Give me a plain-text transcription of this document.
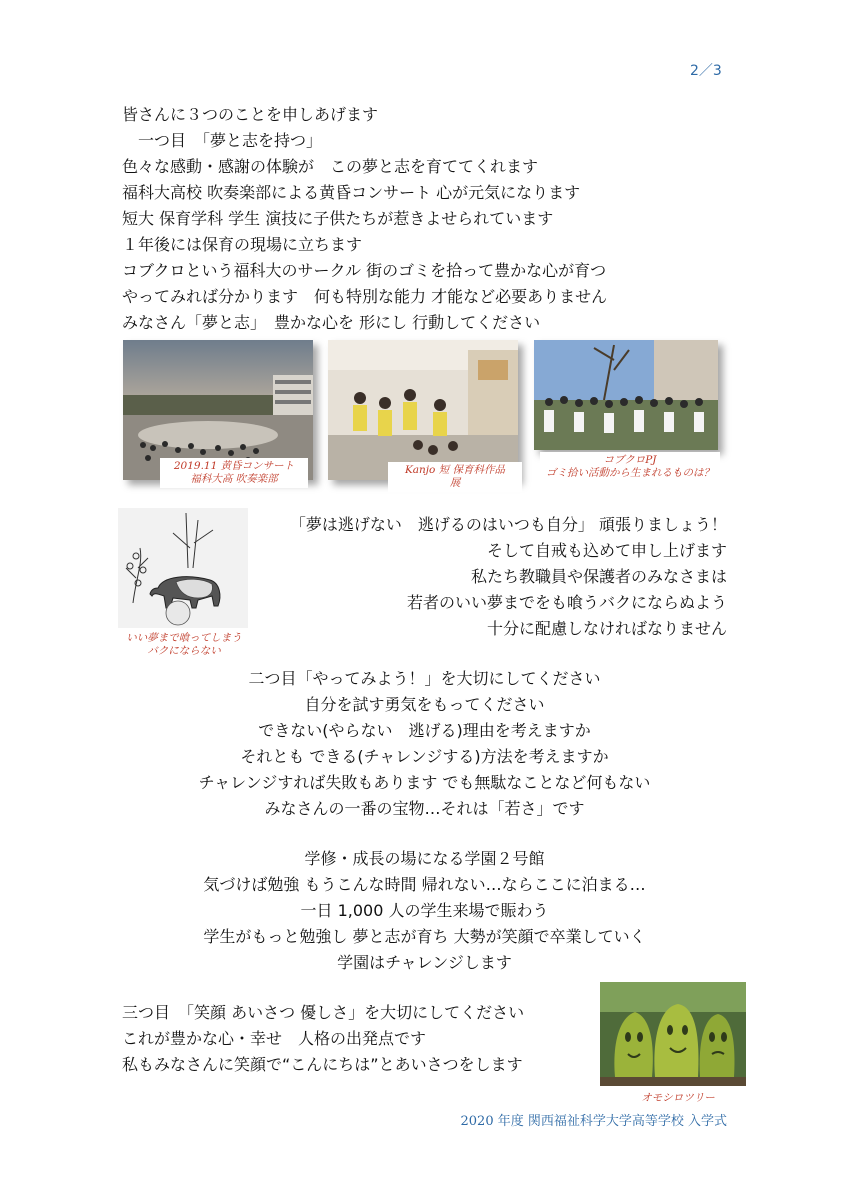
2／3
皆さんに３つのことを申しあげます
　一つ目　「夢と志を持つ」
色々な感動・感謝の体験が　この夢と志を育ててくれます
福科大高校 吹奏楽部による黄昏コンサート 心が元気になります
短大 保育学科 学生 演技に子供たちが惹きよせられています
１年後には保育の現場に立ちます
コブクロという福科大のサークル 街のゴミを拾って豊かな心が育つ
やってみれば分かります　何も特別な能力 才能など必要ありません
みなさん「夢と志」　豊かな心を 形にし 行動してください
2019.11 黄昏コンサート
福科大高 吹奏楽部
Kanjo 短 保育科作品
展
コブクロPJ
ゴミ拾い活動から生まれるものは？
いい夢まで喰ってしまう
バクにならない
「夢は逃げない　逃げるのはいつも自分」 頑張りましょう！
そして自戒も込めて申し上げます
私たち教職員や保護者のみなさまは
若者のいい夢までをも喰うバクにならぬよう
十分に配慮しなければなりません
二つ目「やってみよう！」を大切にしてください
自分を試す勇気をもってください
できない(やらない　逃げる)理由を考えますか
それとも できる(チャレンジする)方法を考えますか
チャレンジすれば失敗もあります でも無駄なことなど何もない
みなさんの一番の宝物…それは「若さ」です
学修・成長の場になる学園２号館
気づけば勉強 もうこんな時間 帰れない…ならここに泊まる…
一日 1,000 人の学生来場で賑わう
学生がもっと勉強し 夢と志が育ち 大勢が笑顔で卒業していく
学園はチャレンジします
三つ目　「笑顔 あいさつ 優しさ」を大切にしてください
これが豊かな心・幸せ　人格の出発点です
私もみなさんに笑顔で“こんにちは”とあいさつをします
オモシロツリー
2020 年度 関西福祉科学大学高等学校 入学式
